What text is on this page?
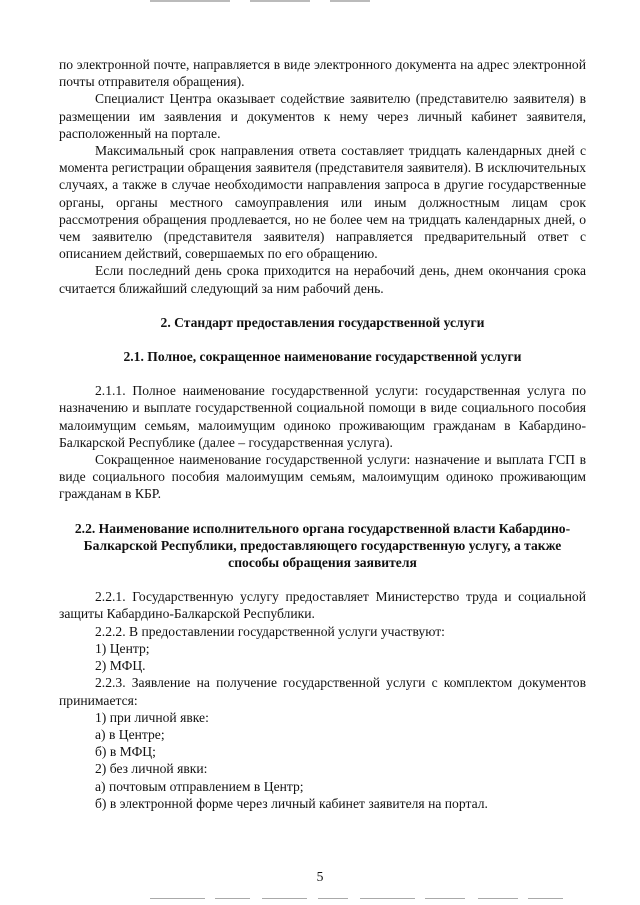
по электронной почте, направляется в виде электронного документа на адрес электронной почты отправителя обращения).

Специалист Центра оказывает содействие заявителю (представителю заявителя) в размещении им заявления и документов к нему через личный кабинет заявителя, расположенный на портале.

Максимальный срок направления ответа составляет тридцать календарных дней с момента регистрации обращения заявителя (представителя заявителя). В исключительных случаях, а также в случае необходимости направления запроса в другие государственные органы, органы местного самоуправления или иным должностным лицам срок рассмотрения обращения продлевается, но не более чем на тридцать календарных дней, о чем заявителю (представителя заявителя) направляется предварительный ответ с описанием действий, совершаемых по его обращению.

Если последний день срока приходится на нерабочий день, днем окончания срока считается ближайший следующий за ним рабочий день.

2. Стандарт предоставления государственной услуги

2.1. Полное, сокращенное наименование государственной услуги

2.1.1. Полное наименование государственной услуги: государственная услуга по назначению и выплате государственной социальной помощи в виде социального пособия малоимущим семьям, малоимущим одиноко проживающим гражданам в Кабардино-Балкарской Республике (далее – государственная услуга).

Сокращенное наименование государственной услуги: назначение и выплата ГСП в виде социального пособия малоимущим семьям, малоимущим одиноко проживающим гражданам в КБР.

2.2. Наименование исполнительного органа государственной власти Кабардино-Балкарской Республики, предоставляющего государственную услугу, а также способы обращения заявителя

2.2.1. Государственную услугу предоставляет Министерство труда и социальной защиты Кабардино-Балкарской Республики.

2.2.2. В предоставлении государственной услуги участвуют:

1) Центр;

2) МФЦ.

2.2.3. Заявление на получение государственной услуги с комплектом документов принимается:

1) при личной явке:

а) в Центре;

б) в МФЦ;

2) без личной явки:

а) почтовым отправлением в Центр;

б) в электронной форме через личный кабинет заявителя на портал.

5
